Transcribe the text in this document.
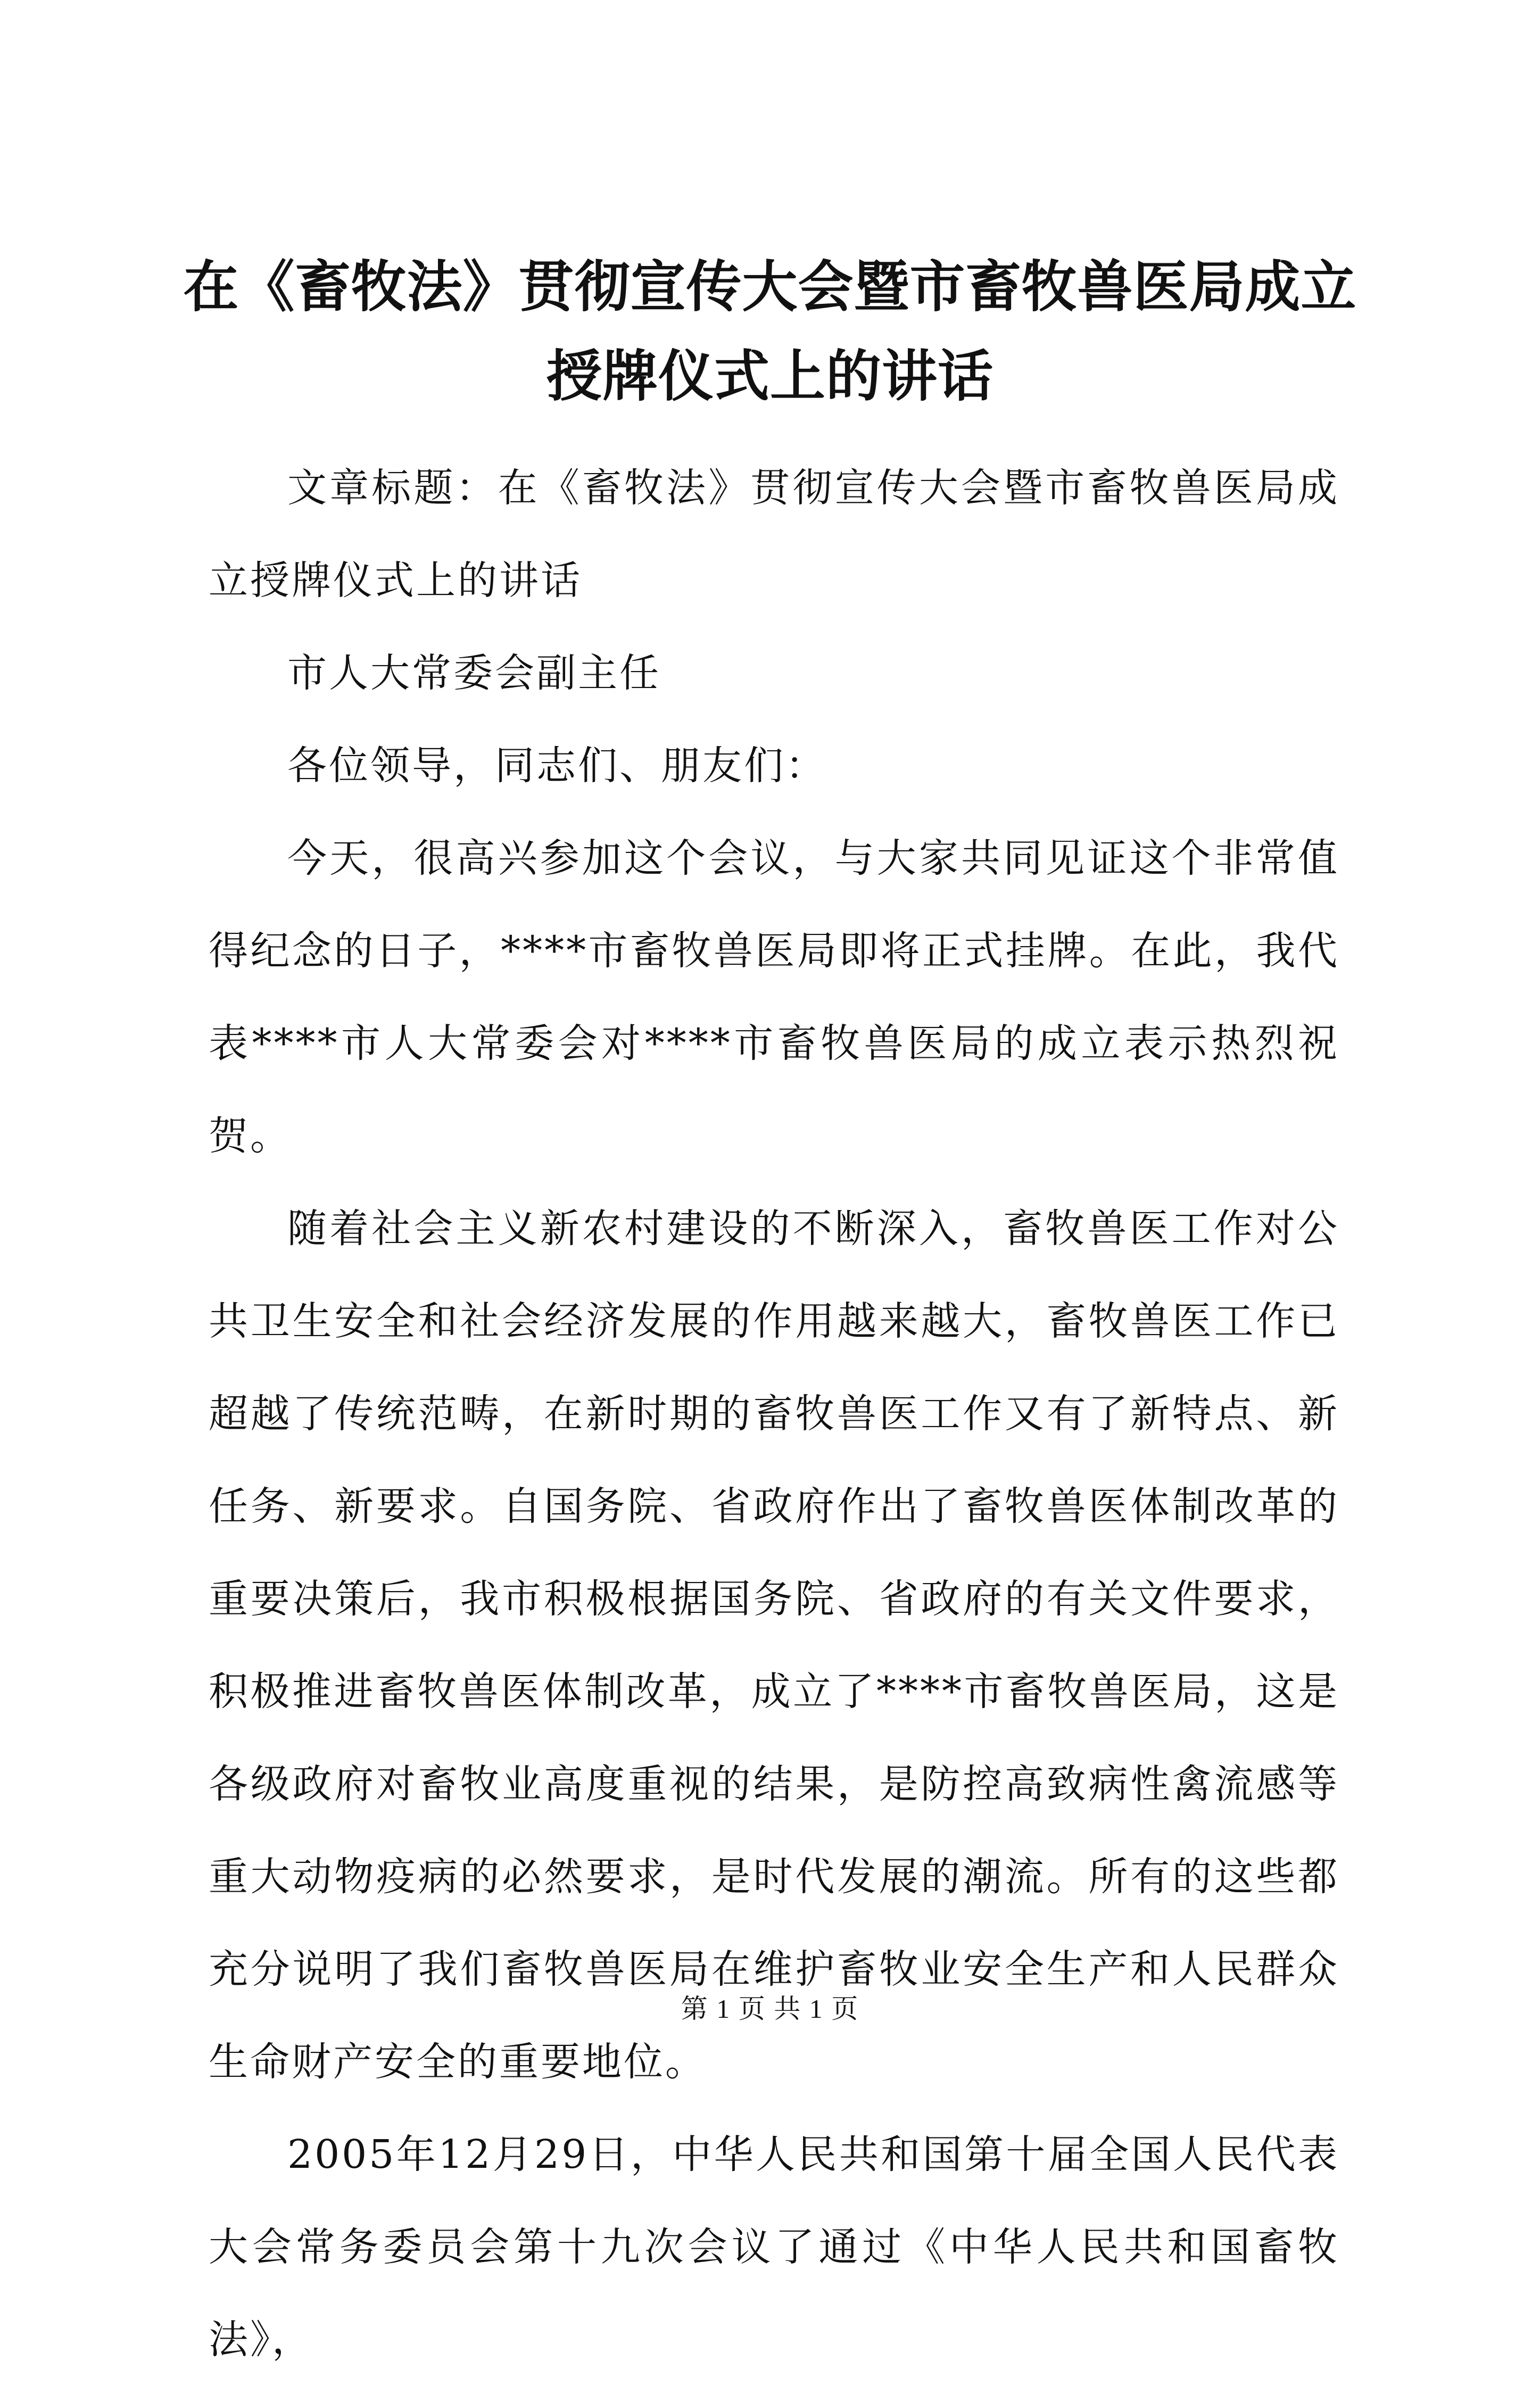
在《畜牧法》贯彻宣传大会暨市畜牧兽医局成立授牌仪式上的讲话

文章标题：在《畜牧法》贯彻宣传大会暨市畜牧兽医局成立授牌仪式上的讲话

市人大常委会副主任

各位领导，同志们、朋友们：

今天，很高兴参加这个会议，与大家共同见证这个非常值得纪念的日子，****市畜牧兽医局即将正式挂牌。在此，我代表****市人大常委会对****市畜牧兽医局的成立表示热烈祝贺。

随着社会主义新农村建设的不断深入，畜牧兽医工作对公共卫生安全和社会经济发展的作用越来越大，畜牧兽医工作已超越了传统范畴，在新时期的畜牧兽医工作又有了新特点、新任务、新要求。自国务院、省政府作出了畜牧兽医体制改革的重要决策后，我市积极根据国务院、省政府的有关文件要求，积极推进畜牧兽医体制改革，成立了****市畜牧兽医局，这是各级政府对畜牧业高度重视的结果，是防控高致病性禽流感等重大动物疫病的必然要求，是时代发展的潮流。所有的这些都充分说明了我们畜牧兽医局在维护畜牧业安全生产和人民群众生命财产安全的重要地位。

2005年12月29日，中华人民共和国第十届全国人民代表大会常务委员会第十九次会议了通过《中华人民共和国畜牧法》，

第 1 页 共 1 页
